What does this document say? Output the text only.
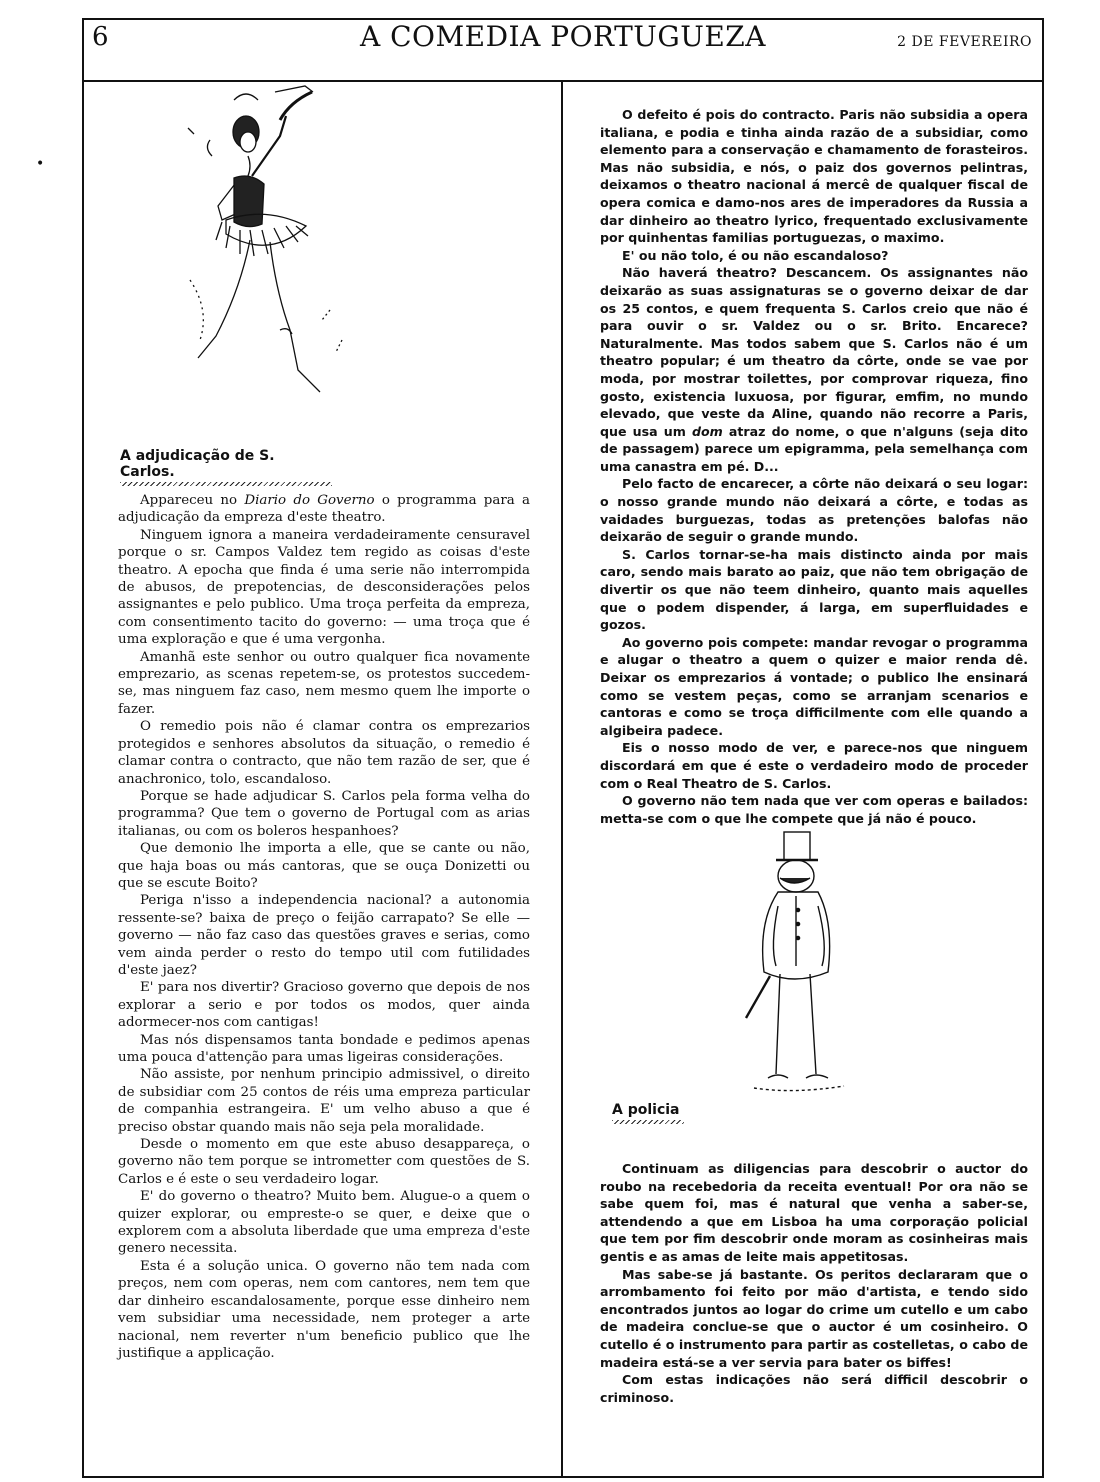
6	A COMEDIA PORTUGUEZA	2 DE FEVEREIRO
•
A adjudicação de S. Carlos.
A policia

Appareceu no Diario do Governo o programma para a adjudicação da empreza d'este theatro.

Ninguem ignora a maneira verdadeiramente censuravel porque o sr. Campos Valdez tem regido as coisas d'este theatro. A epocha que finda é uma serie não interrompida de abusos, de prepotencias, de desconsiderações pelos assignantes e pelo publico. Uma troça perfeita da empreza, com consentimento tacito do governo: — uma troça que é uma exploração e que é uma vergonha.

Amanhã este senhor ou outro qualquer fica novamente emprezario, as scenas repetem-se, os protestos succedem-se, mas ninguem faz caso, nem mesmo quem lhe importe o fazer.

O remedio pois não é clamar contra os emprezarios protegidos e senhores absolutos da situação, o remedio é clamar contra o contracto, que não tem razão de ser, que é anachronico, tolo, escandaloso.

Porque se hade adjudicar S. Carlos pela forma velha do programma? Que tem o governo de Portugal com as arias italianas, ou com os boleros hespanhoes?

Que demonio lhe importa a elle, que se cante ou não, que haja boas ou más cantoras, que se ouça Donizetti ou que se escute Boito?

Periga n'isso a independencia nacional? a autonomia ressente-se? baixa de preço o feijão carrapato? Se elle — governo — não faz caso das questões graves e serias, como vem ainda perder o resto do tempo util com futilidades d'este jaez?

E' para nos divertir? Gracioso governo que depois de nos explorar a serio e por todos os modos, quer ainda adormecer-nos com cantigas!

Mas nós dispensamos tanta bondade e pedimos apenas uma pouca d'attenção para umas ligeiras considerações.

Não assiste, por nenhum principio admissivel, o direito de subsidiar com 25 contos de réis uma empreza particular de companhia estrangeira. E' um velho abuso a que é preciso obstar quando mais não seja pela moralidade.

Desde o momento em que este abuso desappareça, o governo não tem porque se intrometter com questões de S. Carlos e é este o seu verdadeiro logar.

E' do governo o theatro? Muito bem. Alugue-o a quem o quizer explorar, ou empreste-o se quer, e deixe que o explorem com a absoluta liberdade que uma empreza d'este genero necessita.

Esta é a solução unica. O governo não tem nada com preços, nem com operas, nem com cantores, nem tem que dar dinheiro escandalosamente, porque esse dinheiro nem vem subsidiar uma necessidade, nem proteger a arte nacional, nem reverter n'um beneficio publico que lhe justifique a applicação.

O defeito é pois do contracto. Paris não subsidia a opera italiana, e podia e tinha ainda razão de a subsidiar, como elemento para a conservação e chamamento de forasteiros. Mas não subsidia, e nós, o paiz dos governos pelintras, deixamos o theatro nacional á mercê de qualquer fiscal de opera comica e damo-nos ares de imperadores da Russia a dar dinheiro ao theatro lyrico, frequentado exclusivamente por quinhentas familias portuguezas, o maximo.

E' ou não tolo, é ou não escandaloso?

Não haverá theatro? Descancem. Os assignantes não deixarão as suas assignaturas se o governo deixar de dar os 25 contos, e quem frequenta S. Carlos creio que não é para ouvir o sr. Valdez ou o sr. Brito. Encarece? Naturalmente. Mas todos sabem que S. Carlos não é um theatro popular; é um theatro da côrte, onde se vae por moda, por mostrar toilettes, por comprovar riqueza, fino gosto, existencia luxuosa, por figurar, emfim, no mundo elevado, que veste da Aline, quando não recorre a Paris, que usa um dom atraz do nome, o que n'alguns (seja dito de passagem) parece um epigramma, pela semelhança com uma canastra em pé. D...

Pelo facto de encarecer, a côrte não deixará o seu logar: o nosso grande mundo não deixará a côrte, e todas as vaidades burguezas, todas as pretenções balofas não deixarão de seguir o grande mundo.

S. Carlos tornar-se-ha mais distincto ainda por mais caro, sendo mais barato ao paiz, que não tem obrigação de divertir os que não teem dinheiro, quanto mais aquelles que o podem dispender, á larga, em superfluidades e gozos.

Ao governo pois compete: mandar revogar o programma e alugar o theatro a quem o quizer e maior renda dê. Deixar os emprezarios á vontade; o publico lhe ensinará como se vestem peças, como se arranjam scenarios e cantoras e como se troça difficilmente com elle quando a algibeira padece.

Eis o nosso modo de ver, e parece-nos que ninguem discordará em que é este o verdadeiro modo de proceder com o Real Theatro de S. Carlos.

O governo não tem nada que ver com operas e bailados: metta-se com o que lhe compete que já não é pouco.

Continuam as diligencias para descobrir o auctor do roubo na recebedoria da receita eventual! Por ora não se sabe quem foi, mas é natural que venha a saber-se, attendendo a que em Lisboa ha uma corporação policial que tem por fim descobrir onde moram as cosinheiras mais gentis e as amas de leite mais appetitosas.

Mas sabe-se já bastante. Os peritos declararam que o arrombamento foi feito por mão d'artista, e tendo sido encontrados juntos ao logar do crime um cutello e um cabo de madeira conclue-se que o auctor é um cosinheiro. O cutello é o instrumento para partir as costelletas, o cabo de madeira está-se a ver servia para bater os biffes!

Com estas indicações não será difficil descobrir o criminoso.
